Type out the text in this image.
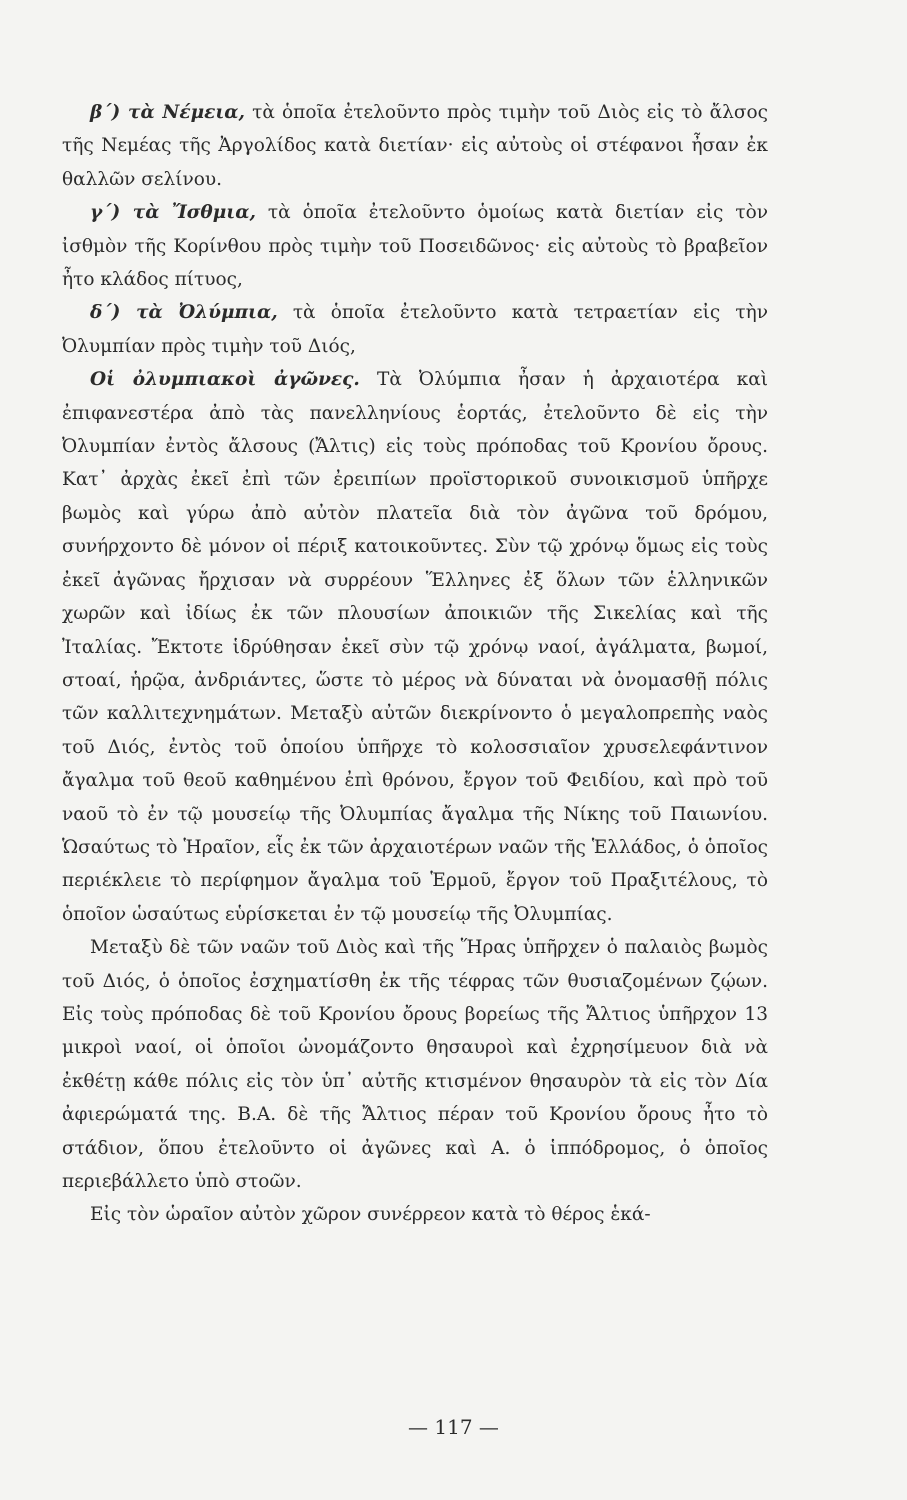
β΄) τὰ Νέμεια, τὰ ὁποῖα ἐτελοῦντο πρὸς τιμὴν τοῦ Διὸς εἰς τὸ ἄλσος τῆς Νεμέας τῆς Ἀργολίδος κατὰ διετίαν· εἰς αὐτοὺς οἱ στέφανοι ἦσαν ἐκ θαλλῶν σελίνου.

γ΄) τὰ Ἴσθμια, τὰ ὁποῖα ἐτελοῦντο ὁμοίως κατὰ διετίαν εἰς τὸν ἰσθμὸν τῆς Κορίνθου πρὸς τιμὴν τοῦ Ποσειδῶνος· εἰς αὐτοὺς τὸ βραβεῖον ἦτο κλάδος πίτυος,

δ΄) τὰ Ὀλύμπια, τὰ ὁποῖα ἐτελοῦντο κατὰ τετραετίαν εἰς τὴν Ὀλυμπίαν πρὸς τιμὴν τοῦ Διός,

Οἱ ὀλυμπιακοὶ ἀγῶνες. Τὰ Ὀλύμπια ἦσαν ἡ ἀρχαιοτέρα καὶ ἐπιφανεστέρα ἀπὸ τὰς πανελληνίους ἑορτάς, ἐτελοῦντο δὲ εἰς τὴν Ὀλυμπίαν ἐντὸς ἄλσους (Ἄλτις) εἰς τοὺς πρόποδας τοῦ Κρονίου ὄρους. Κατ᾽ ἀρχὰς ἐκεῖ ἐπὶ τῶν ἐρειπίων προϊστορικοῦ συνοικισμοῦ ὑπῆρχε βωμὸς καὶ γύρω ἀπὸ αὐτὸν πλατεῖα διὰ τὸν ἀγῶνα τοῦ δρόμου, συνήρχοντο δὲ μόνον οἱ πέριξ κατοικοῦντες. Σὺν τῷ χρόνῳ ὅμως εἰς τοὺς ἐκεῖ ἀγῶνας ἤρχισαν νὰ συρρέουν Ἕλληνες ἐξ ὅλων τῶν ἑλληνικῶν χωρῶν καὶ ἰδίως ἐκ τῶν πλουσίων ἀποικιῶν τῆς Σικελίας καὶ τῆς Ἰταλίας. Ἔκτοτε ἱδρύθησαν ἐκεῖ σὺν τῷ χρόνῳ ναοί, ἀγάλματα, βωμοί, στοαί, ἡρῷα, ἀνδριάντες, ὥστε τὸ μέρος νὰ δύναται νὰ ὀνομασθῇ πόλις τῶν καλλιτεχνημάτων. Μεταξὺ αὐτῶν διεκρίνοντο ὁ μεγαλοπρεπὴς ναὸς τοῦ Διός, ἐντὸς τοῦ ὁποίου ὑπῆρχε τὸ κολοσσιαῖον χρυσελεφάντινον ἄγαλμα τοῦ θεοῦ καθημένου ἐπὶ θρόνου, ἔργον τοῦ Φειδίου, καὶ πρὸ τοῦ ναοῦ τὸ ἐν τῷ μουσείῳ τῆς Ὀλυμπίας ἄγαλμα τῆς Νίκης τοῦ Παιωνίου. Ὡσαύτως τὸ Ἡραῖον, εἷς ἐκ τῶν ἀρχαιοτέρων ναῶν τῆς Ἑλλάδος, ὁ ὁποῖος περιέκλειε τὸ περίφημον ἄγαλμα τοῦ Ἑρμοῦ, ἔργον τοῦ Πραξιτέλους, τὸ ὁποῖον ὡσαύτως εὑρίσκεται ἐν τῷ μουσείῳ τῆς Ὀλυμπίας.

Μεταξὺ δὲ τῶν ναῶν τοῦ Διὸς καὶ τῆς Ἥρας ὑπῆρχεν ὁ παλαιὸς βωμὸς τοῦ Διός, ὁ ὁποῖος ἐσχηματίσθη ἐκ τῆς τέφρας τῶν θυσιαζομένων ζῴων. Εἰς τοὺς πρόποδας δὲ τοῦ Κρονίου ὄρους βορείως τῆς Ἄλτιος ὑπῆρχον 13 μικροὶ ναοί, οἱ ὁποῖοι ὠνομάζοντο θησαυροὶ καὶ ἐχρησίμευον διὰ νὰ ἐκθέτῃ κάθε πόλις εἰς τὸν ὑπ᾽ αὐτῆς κτισμένον θησαυρὸν τὰ εἰς τὸν Δία ἀφιερώματά της. Β.Α. δὲ τῆς Ἄλτιος πέραν τοῦ Κρονίου ὄρους ἦτο τὸ στάδιον, ὅπου ἐτελοῦντο οἱ ἀγῶνες καὶ Α. ὁ ἱππόδρομος, ὁ ὁποῖος περιεβάλλετο ὑπὸ στοῶν.

Εἰς τὸν ὡραῖον αὐτὸν χῶρον συνέρρεον κατὰ τὸ θέρος ἑκά-

— 117 —
